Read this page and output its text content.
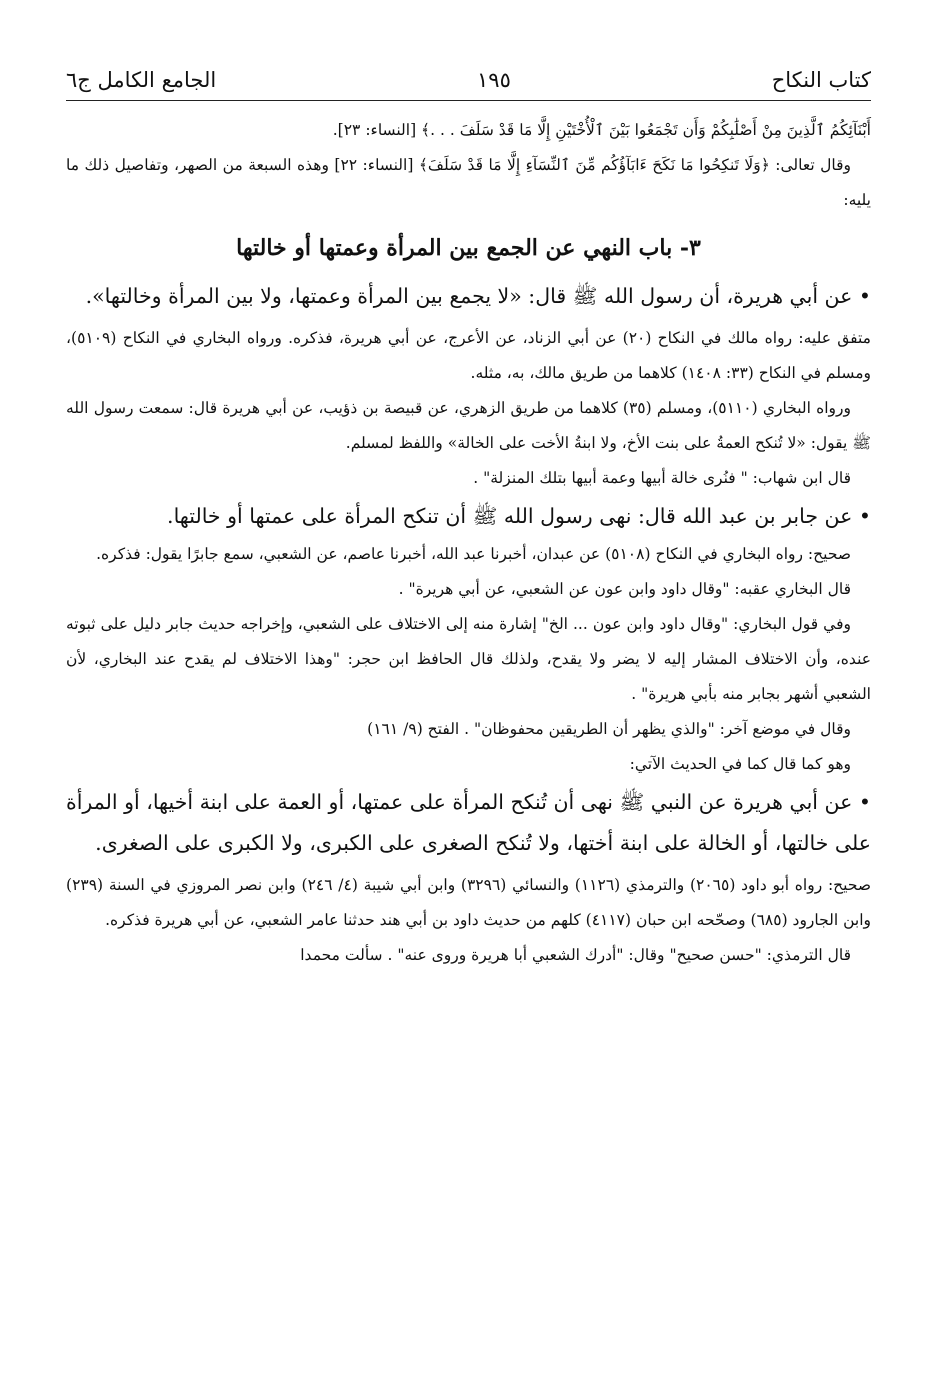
كتاب النكاح
١٩٥
الجامع الكامل ج٦

أَبْنَآئِكُمُ ٱلَّذِينَ مِنْ أَصْلَٰبِكُمْ وَأَن تَجْمَعُوا بَيْنَ ٱلْأُخْتَيْنِ إِلَّا مَا قَدْ سَلَفَ . . .﴾ [النساء: ٢٣].

وقال تعالى: ﴿وَلَا تَنكِحُوا مَا نَكَحَ ءَابَآؤُكُم مِّنَ ٱلنِّسَآءِ إِلَّا مَا قَدْ سَلَفَ﴾ [النساء: ٢٢] وهذه السبعة من الصهر، وتفاصيل ذلك ما يليه:

٣- باب النهي عن الجمع بين المرأة وعمتها أو خالتها

• عن أبي هريرة، أن رسول الله ﷺ قال: «لا يجمع بين المرأة وعمتها، ولا بين المرأة وخالتها».

متفق عليه: رواه مالك في النكاح (٢٠) عن أبي الزناد، عن الأعرج، عن أبي هريرة، فذكره. ورواه البخاري في النكاح (٥١٠٩)، ومسلم في النكاح (٣٣: ١٤٠٨) كلاهما من طريق مالك، به، مثله.

ورواه البخاري (٥١١٠)، ومسلم (٣٥) كلاهما من طريق الزهري، عن قبيصة بن ذؤيب، عن أبي هريرة قال: سمعت رسول الله ﷺ يقول: «لا تُنكح العمةُ على بنت الأخ، ولا ابنةُ الأخت على الخالة» واللفظ لمسلم.

قال ابن شهاب: " فنُرى خالة أبيها وعمة أبيها بتلك المنزلة" .

• عن جابر بن عبد الله قال: نهى رسول الله ﷺ أن تنكح المرأة على عمتها أو خالتها.

صحيح: رواه البخاري في النكاح (٥١٠٨) عن عبدان، أخبرنا عبد الله، أخبرنا عاصم، عن الشعبي، سمع جابرًا يقول: فذكره.

قال البخاري عقبه: "وقال داود وابن عون عن الشعبي، عن أبي هريرة" .

وفي قول البخاري: "وقال داود وابن عون ... الخ" إشارة منه إلى الاختلاف على الشعبي، وإخراجه حديث جابر دليل على ثبوته عنده، وأن الاختلاف المشار إليه لا يضر ولا يقدح، ولذلك قال الحافظ ابن حجر: "وهذا الاختلاف لم يقدح عند البخاري، لأن الشعبي أشهر بجابر منه بأبي هريرة" .

وقال في موضع آخر: "والذي يظهر أن الطريقين محفوظان" . الفتح (٩/ ١٦١)

وهو كما قال كما في الحديث الآتي:

• عن أبي هريرة عن النبي ﷺ نهى أن تُنكح المرأة على عمتها، أو العمة على ابنة أخيها، أو المرأة على خالتها، أو الخالة على ابنة أختها، ولا تُنكح الصغرى على الكبرى، ولا الكبرى على الصغرى.

صحيح: رواه أبو داود (٢٠٦٥) والترمذي (١١٢٦) والنسائي (٣٢٩٦) وابن أبي شيبة (٤/ ٢٤٦) وابن نصر المروزي في السنة (٢٣٩) وابن الجارود (٦٨٥) وصحّحه ابن حبان (٤١١٧) كلهم من حديث داود بن أبي هند حدثنا عامر الشعبي، عن أبي هريرة فذكره.

قال الترمذي: "حسن صحيح" وقال: "أدرك الشعبي أبا هريرة وروى عنه" . سألت محمدا
